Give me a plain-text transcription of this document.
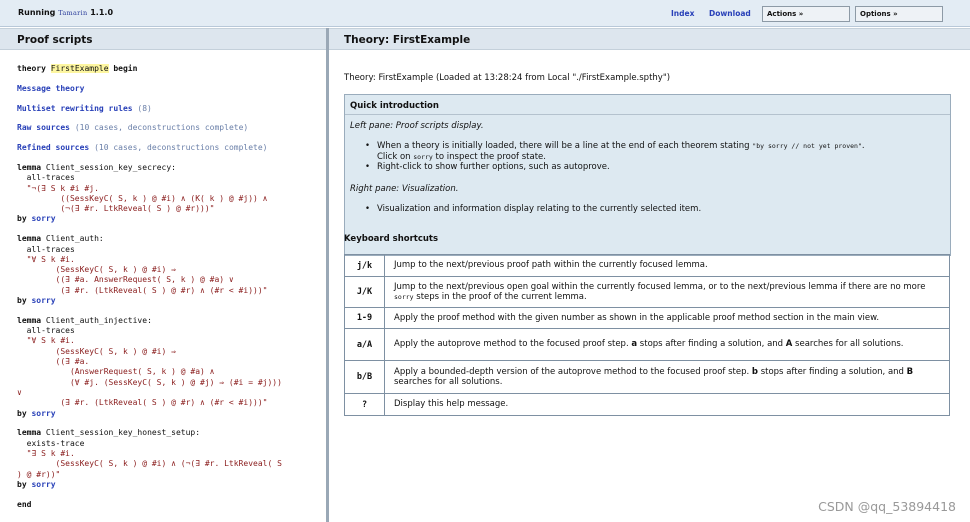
Running Tamarin 1.1.0	Index Download	Actions »	Options »
Proof scripts
theory FirstExample begin

Message theory

Multiset rewriting rules (8)

Raw sources (10 cases, deconstructions complete)

Refined sources (10 cases, deconstructions complete)

lemma Client_session_key_secrecy:
all-traces
"¬(∃ S k #i #j.
((SessKeyC( S, k ) @ #i) ∧ (K( k ) @ #j)) ∧
(¬(∃ #r. LtkReveal( S ) @ #r)))"
by sorry

lemma Client_auth:
all-traces
"∀ S k #i.
(SessKeyC( S, k ) @ #i) ⇒
((∃ #a. AnswerRequest( S, k ) @ #a) ∨
(∃ #r. (LtkReveal( S ) @ #r) ∧ (#r < #i)))"
by sorry

lemma Client_auth_injective:
all-traces
"∀ S k #i.
(SessKeyC( S, k ) @ #i) ⇒
((∃ #a.
(AnswerRequest( S, k ) @ #a) ∧
(∀ #j. (SessKeyC( S, k ) @ #j) ⇒ (#i = #j)))
∨
(∃ #r. (LtkReveal( S ) @ #r) ∧ (#r < #i)))"
by sorry

lemma Client_session_key_honest_setup:
exists-trace
"∃ S k #i.
(SessKeyC( S, k ) @ #i) ∧ (¬(∃ #r. LtkReveal( S
) @ #r))"
by sorry

end
Theory: FirstExample
Theory: FirstExample (Loaded at 13:28:24 from Local "./FirstExample.spthy")
Quick introduction
Left pane: Proof scripts display.
• When a theory is initially loaded, there will be a line at the end of each theorem stating "by sorry // not yet proven".
Click on sorry to inspect the proof state.
• Right-click to show further options, such as autoprove.
Right pane: Visualization.
• Visualization and information display relating to the currently selected item.
Keyboard shortcuts
j/k	Jump to the next/previous proof path within the currently focused lemma.
J/K	Jump to the next/previous open goal within the currently focused lemma, or to the next/previous lemma if there are no more sorry steps in the proof of the current lemma.
1-9	Apply the proof method with the given number as shown in the applicable proof method section in the main view.
a/A	Apply the autoprove method to the focused proof step. a stops after finding a solution, and A searches for all solutions.
b/B	Apply a bounded-depth version of the autoprove method to the focused proof step. b stops after finding a solution, and B searches for all solutions.
?	Display this help message.
CSDN @qq_53894418
